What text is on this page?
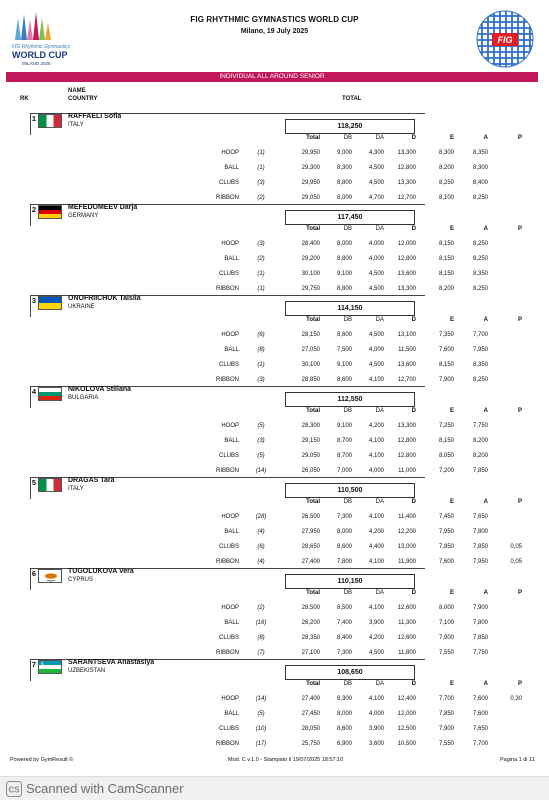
FIG Rhythmic Gymnastics
WORLD CUP
MILANO 2025
FIG RHYTHMIC GYMNASTICS WORLD CUP
Milano, 19 July 2025
FIG
INDIVIDUAL ALL AROUND SENIOR
RK
NAME
COUNTRY	TOTAL
1	RAFFAELI Sofia
ITALY	118,250
Total	DB	DA	D	E	A	P
HOOP	(1)	29,950	9,000	4,300	13,300	8,300	8,350
BALL	(1)	29,300	8,300	4,500	12,800	8,200	8,300
CLUBS	(3)	29,950	8,800	4,500	13,300	8,250	8,400
RIBBON	(2)	29,050	8,000	4,700	12,700	8,100	8,250
2	MEFEDOMEEV Darja
GERMANY	117,450
Total	DB	DA	D	E	A	P
HOOP	(3)	28,400	8,000	4,000	12,000	8,150	8,250
BALL	(2)	29,200	8,800	4,000	12,800	8,150	8,250
CLUBS	(1)	30,100	9,100	4,500	13,600	8,150	8,350
RIBBON	(1)	29,750	8,800	4,500	13,300	8,200	8,250
3	ONOFRIICHUK Taisiia
UKRAINE	114,150
Total	DB	DA	D	E	A	P
HOOP	(6)	28,150	8,600	4,500	13,100	7,350	7,700
BALL	(8)	27,050	7,500	4,000	11,500	7,600	7,950
CLUBS	(1)	30,100	9,100	4,500	13,600	8,150	8,350
RIBBON	(3)	28,850	8,600	4,100	12,700	7,900	8,250
4	NIKOLOVA Stiliana
BULGARIA	112,550
Total	DB	DA	D	E	A	P
HOOP	(5)	28,300	9,100	4,200	13,300	7,250	7,750
BALL	(3)	29,150	8,700	4,100	12,800	8,150	8,200
CLUBS	(5)	29,050	8,700	4,100	12,800	8,050	8,200
RIBBON	(14)	26,050	7,000	4,000	11,000	7,200	7,850
5	DRAGAS Tara
ITALY	110,500
Total	DB	DA	D	E	A	P
HOOP	(28)	26,500	7,300	4,100	11,400	7,450	7,650
BALL	(4)	27,950	8,000	4,200	12,200	7,950	7,800
CLUBS	(6)	28,650	8,600	4,400	13,000	7,850	7,850	0,05
RIBBON	(4)	27,400	7,800	4,100	11,900	7,600	7,950	0,05
6	TUGOLUKOVA Vera
CYPRUS	110,150
Total	DB	DA	D	E	A	P
HOOP	(2)	28,500	8,500	4,100	12,600	8,000	7,900
BALL	(16)	26,200	7,400	3,900	11,300	7,100	7,800
CLUBS	(8)	28,350	8,400	4,200	12,600	7,900	7,850
RIBBON	(7)	27,100	7,300	4,500	11,800	7,550	7,750
7	SARANTSEVA Anastasiya
UZBEKISTAN	108,650
Total	DB	DA	D	E	A	P
HOOP	(14)	27,400	8,300	4,100	12,400	7,700	7,600	0,30
BALL	(5)	27,450	8,000	4,000	12,000	7,850	7,600
CLUBS	(10)	28,050	8,600	3,900	12,500	7,900	7,650
RIBBON	(17)	25,750	6,900	3,600	10,500	7,550	7,700
Powered by GymResult ©	Mod. C v.1.0 - Stampato il 19/07/2025 18:57:10	Pagina 1 di 11
CS Scanned with CamScanner
